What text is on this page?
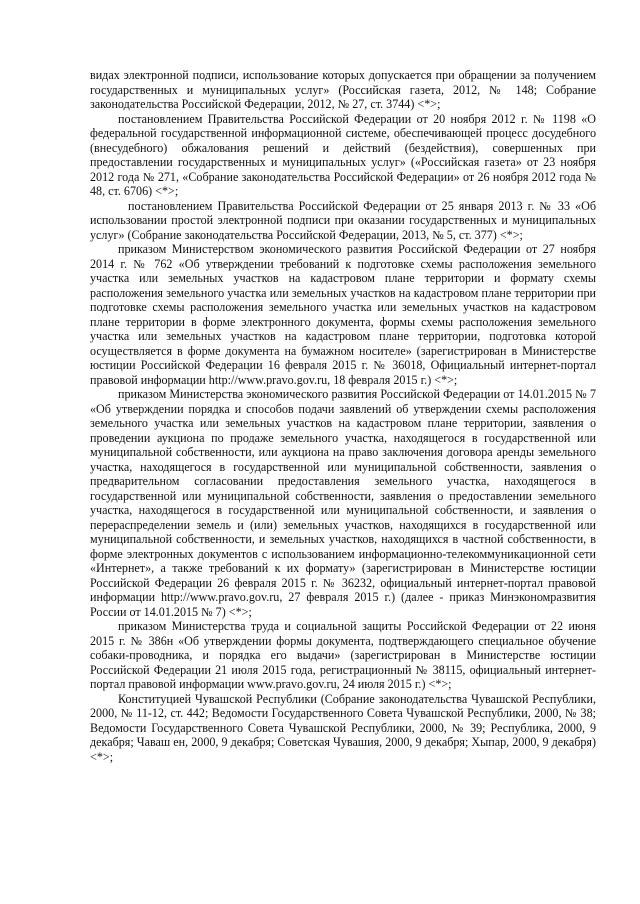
видах электронной подписи, использование которых допускается при обращении за получением государственных и муниципальных услуг» (Российская газета, 2012, № 148; Собрание законодательства Российской Федерации, 2012, № 27, ст. 3744) <*>;

постановлением Правительства Российской Федерации от 20 ноября 2012 г. № 1198 «О федеральной государственной информационной системе, обеспечивающей процесс досудебного (внесудебного) обжалования решений и действий (бездействия), совершенных при предоставлении государственных и муниципальных услуг» («Российская газета» от 23 ноября 2012 года № 271, «Собрание законодательства Российской Федерации» от 26 ноября 2012 года № 48, ст. 6706) <*>;

постановлением Правительства Российской Федерации от 25 января 2013 г. № 33 «Об использовании простой электронной подписи при оказании государственных и муниципальных услуг» (Собрание законодательства Российской Федерации, 2013, № 5, ст. 377) <*>;

приказом Министерством экономического развития Российской Федерации от 27 ноября 2014 г. № 762 «Об утверждении требований к подготовке схемы расположения земельного участка или земельных участков на кадастровом плане территории и формату схемы расположения земельного участка или земельных участков на кадастровом плане территории при подготовке схемы расположения земельного участка или земельных участков на кадастровом плане территории в форме электронного документа, формы схемы расположения земельного участка или земельных участков на кадастровом плане территории, подготовка которой осуществляется в форме документа на бумажном носителе» (зарегистрирован в Министерстве юстиции Российской Федерации 16 февраля 2015 г. № 36018, Официальный интернет-портал правовой информации http://www.pravo.gov.ru, 18 февраля 2015 г.) <*>;

приказом Министерства экономического развития Российской Федерации от 14.01.2015 № 7 «Об утверждении порядка и способов подачи заявлений об утверждении схемы расположения земельного участка или земельных участков на кадастровом плане территории, заявления о проведении аукциона по продаже земельного участка, находящегося в государственной или муниципальной собственности, или аукциона на право заключения договора аренды земельного участка, находящегося в государственной или муниципальной собственности, заявления о предварительном согласовании предоставления земельного участка, находящегося в государственной или муниципальной собственности, заявления о предоставлении земельного участка, находящегося в государственной или муниципальной собственности, и заявления о перераспределении земель и (или) земельных участков, находящихся в государственной или муниципальной собственности, и земельных участков, находящихся в частной собственности, в форме электронных документов с использованием информационно-телекоммуникационной сети «Интернет», а также требований к их формату» (зарегистрирован в Министерстве юстиции Российской Федерации 26 февраля 2015 г. № 36232, официальный интернет-портал правовой информации http://www.pravo.gov.ru, 27 февраля 2015 г.) (далее - приказ Минэкономразвития России от 14.01.2015 № 7) <*>;

приказом Министерства труда и социальной защиты Российской Федерации от 22 июня 2015 г. № 386н «Об утверждении формы документа, подтверждающего специальное обучение собаки-проводника, и порядка его выдачи» (зарегистрирован в Министерстве юстиции Российской Федерации 21 июля 2015 года, регистрационный № 38115, официальный интернет-портал правовой информации www.pravo.gov.ru, 24 июля 2015 г.) <*>;

Конституцией Чувашской Республики (Собрание законодательства Чувашской Республики, 2000, № 11-12, ст. 442; Ведомости Государственного Совета Чувашской Республики, 2000, № 38; Ведомости Государственного Совета Чувашской Республики, 2000, № 39; Республика, 2000, 9 декабря; Чаваш ен, 2000, 9 декабря; Советская Чувашия, 2000, 9 декабря; Хыпар, 2000, 9 декабря) <*>;
